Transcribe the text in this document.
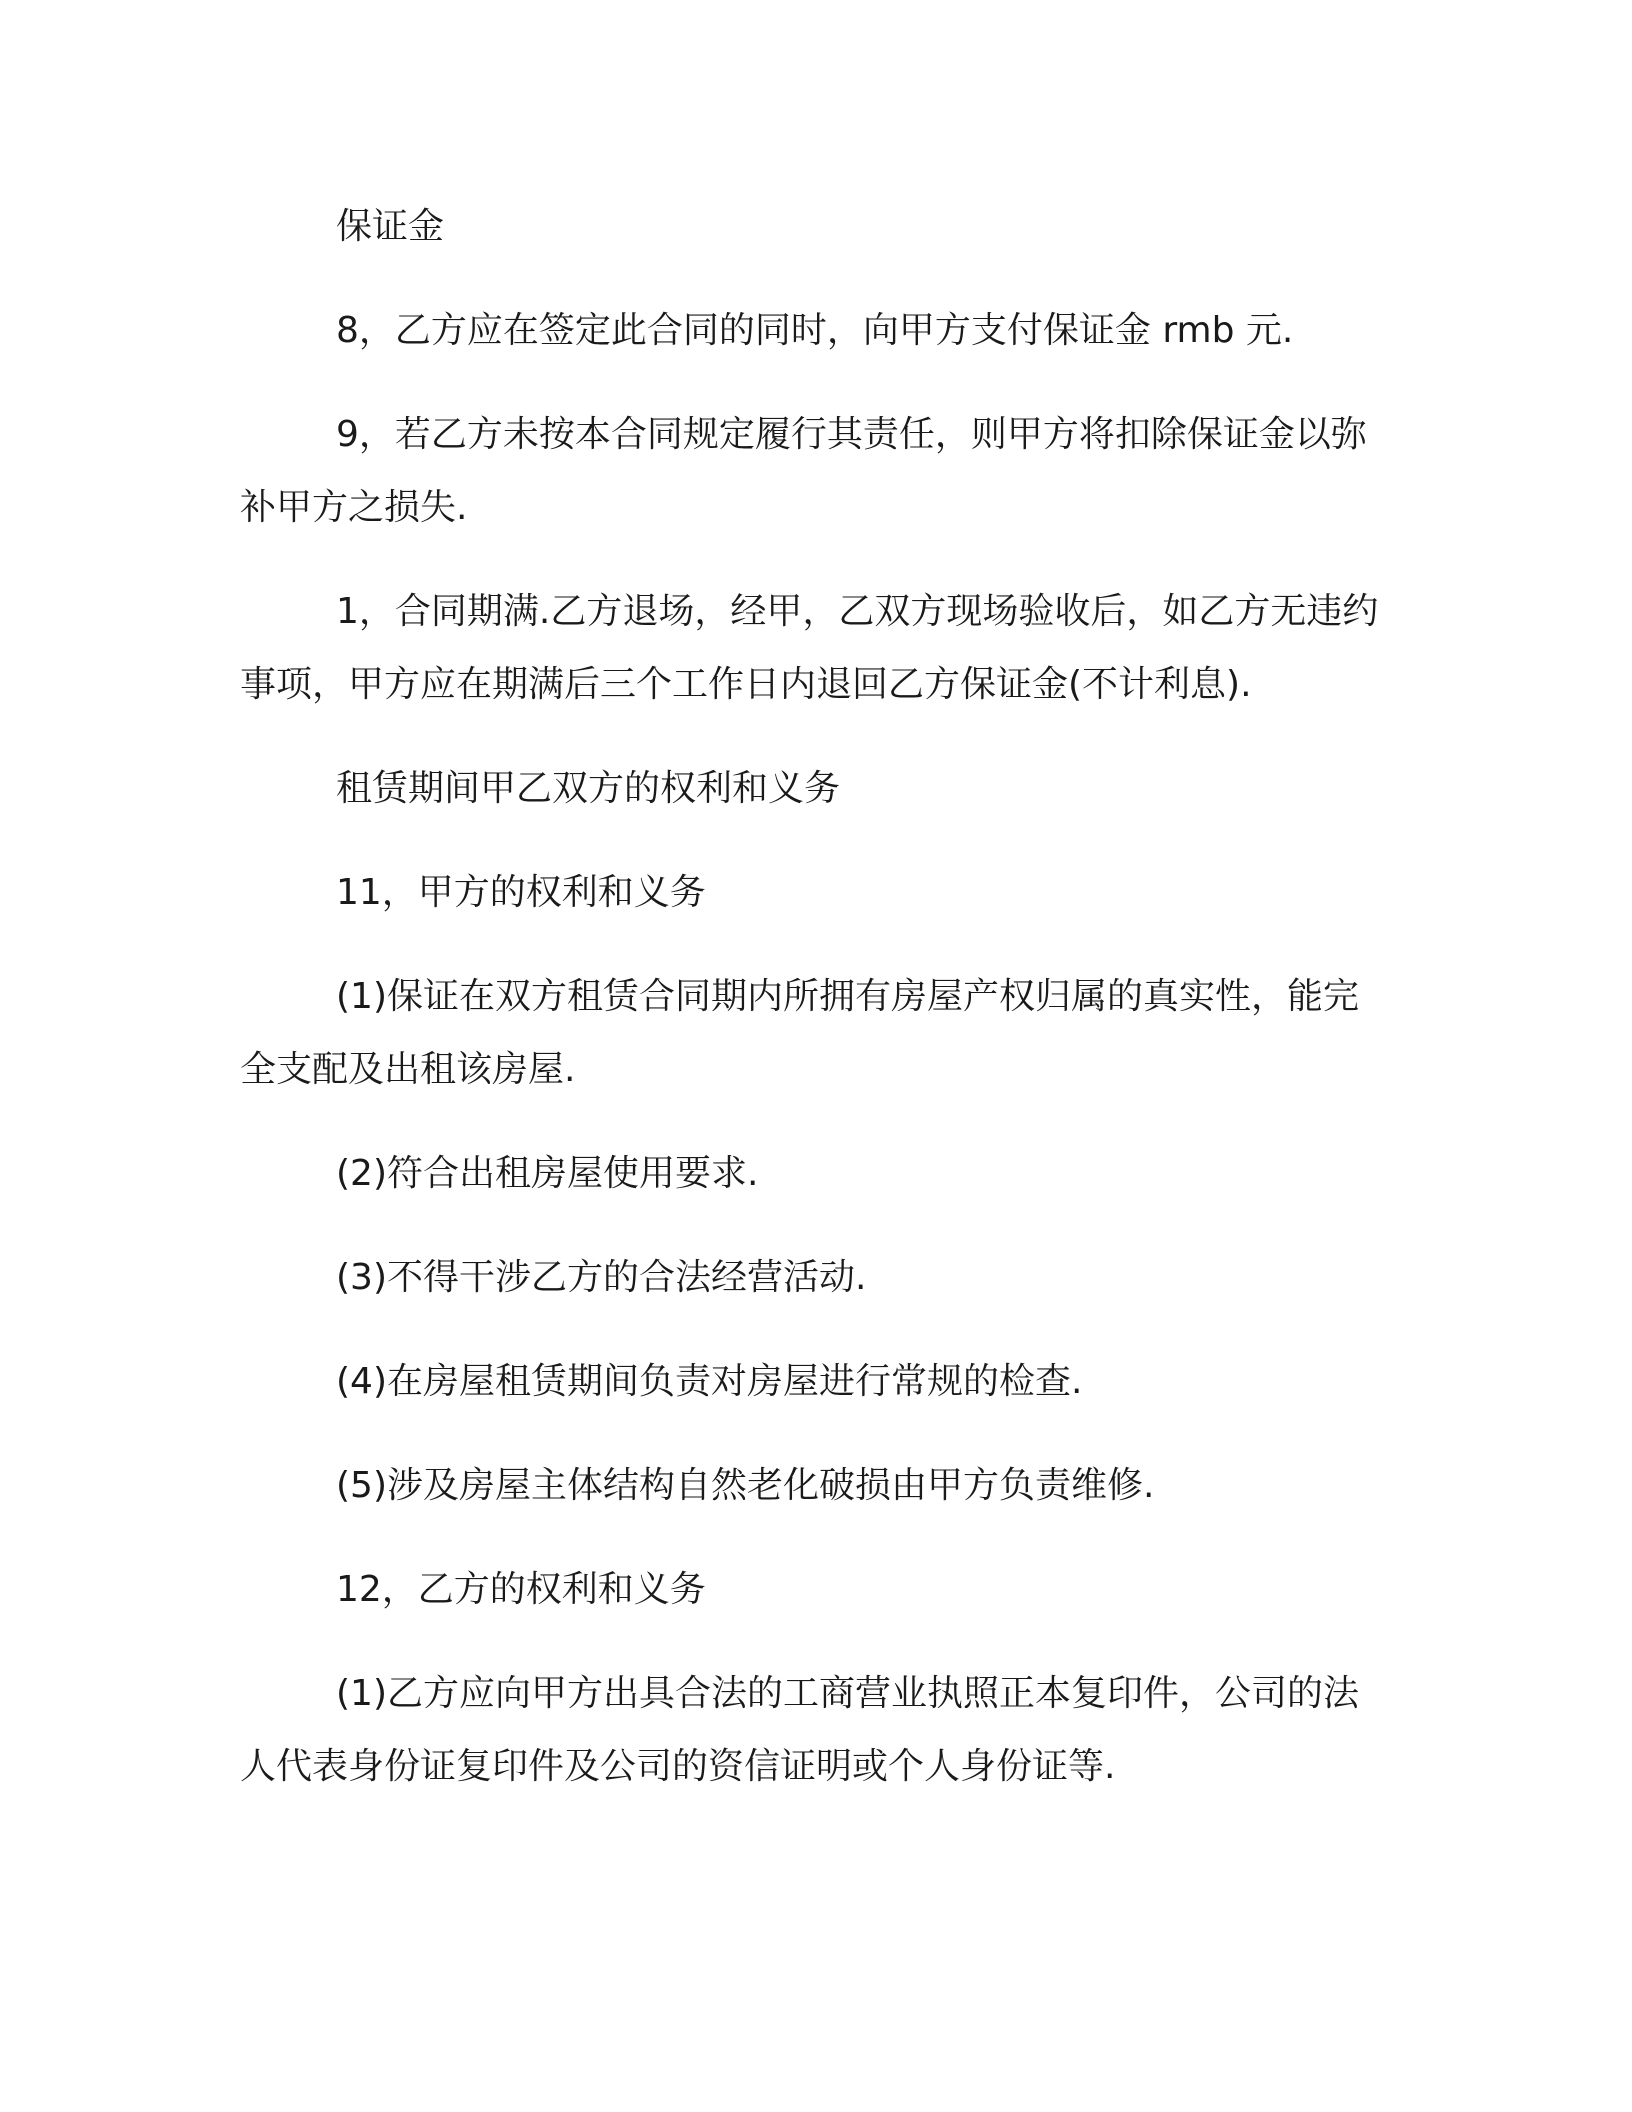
保证金

8，乙方应在签定此合同的同时，向甲方支付保证金 rmb 元.

9，若乙方未按本合同规定履行其责任，则甲方将扣除保证金以弥补甲方之损失.

1，合同期满.乙方退场，经甲，乙双方现场验收后，如乙方无违约事项，甲方应在期满后三个工作日内退回乙方保证金(不计利息).

租赁期间甲乙双方的权利和义务

11，甲方的权利和义务

(1)保证在双方租赁合同期内所拥有房屋产权归属的真实性，能完全支配及出租该房屋.

(2)符合出租房屋使用要求.

(3)不得干涉乙方的合法经营活动.

(4)在房屋租赁期间负责对房屋进行常规的检查.

(5)涉及房屋主体结构自然老化破损由甲方负责维修.

12，乙方的权利和义务

(1)乙方应向甲方出具合法的工商营业执照正本复印件，公司的法人代表身份证复印件及公司的资信证明或个人身份证等.
